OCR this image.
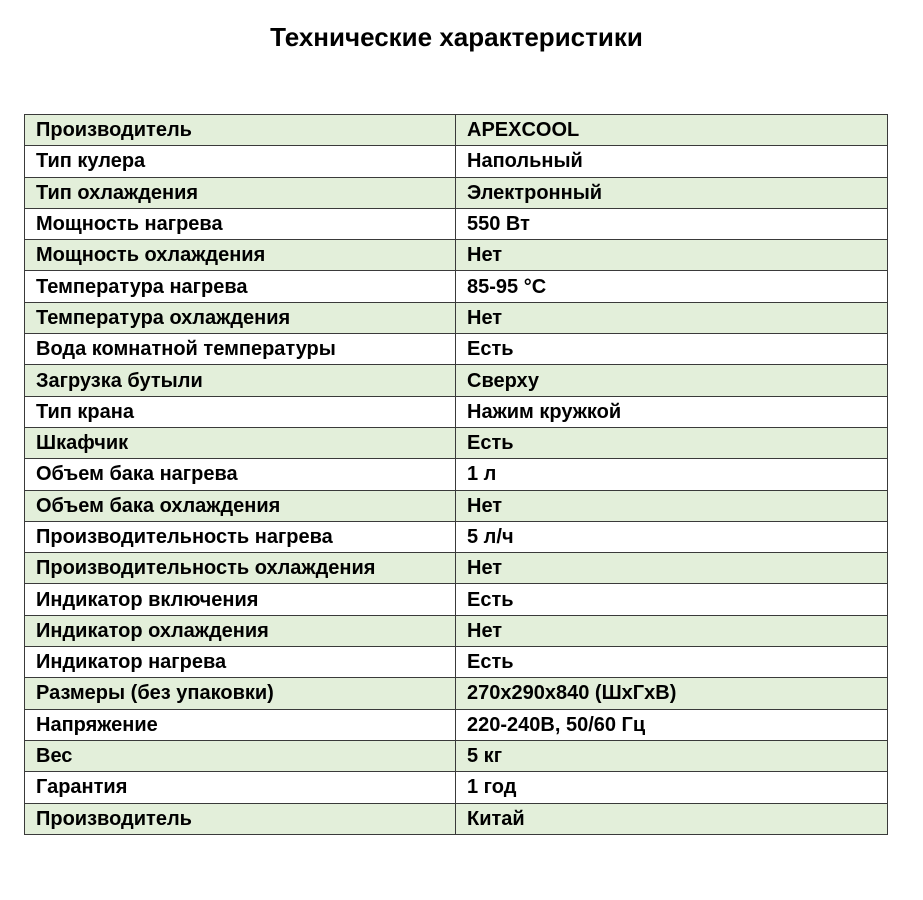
Технические характеристики
Производитель	APEXCOOL
Тип кулера	Напольный
Тип охлаждения	Электронный
Мощность нагрева	550 Вт
Мощность охлаждения	Нет
Температура нагрева	85-95 °С
Температура охлаждения	Нет
Вода комнатной температуры	Есть
Загрузка бутыли	Сверху
Тип крана	Нажим кружкой
Шкафчик	Есть
Объем бака нагрева	1 л
Объем бака охлаждения	Нет
Производительность нагрева	5 л/ч
Производительность охлаждения	Нет
Индикатор включения	Есть
Индикатор охлаждения	Нет
Индикатор нагрева	Есть
Размеры (без упаковки)	270х290х840 (ШхГхВ)
Напряжение	220-240В, 50/60 Гц
Вес	5 кг
Гарантия	1 год
Производитель	Китай
